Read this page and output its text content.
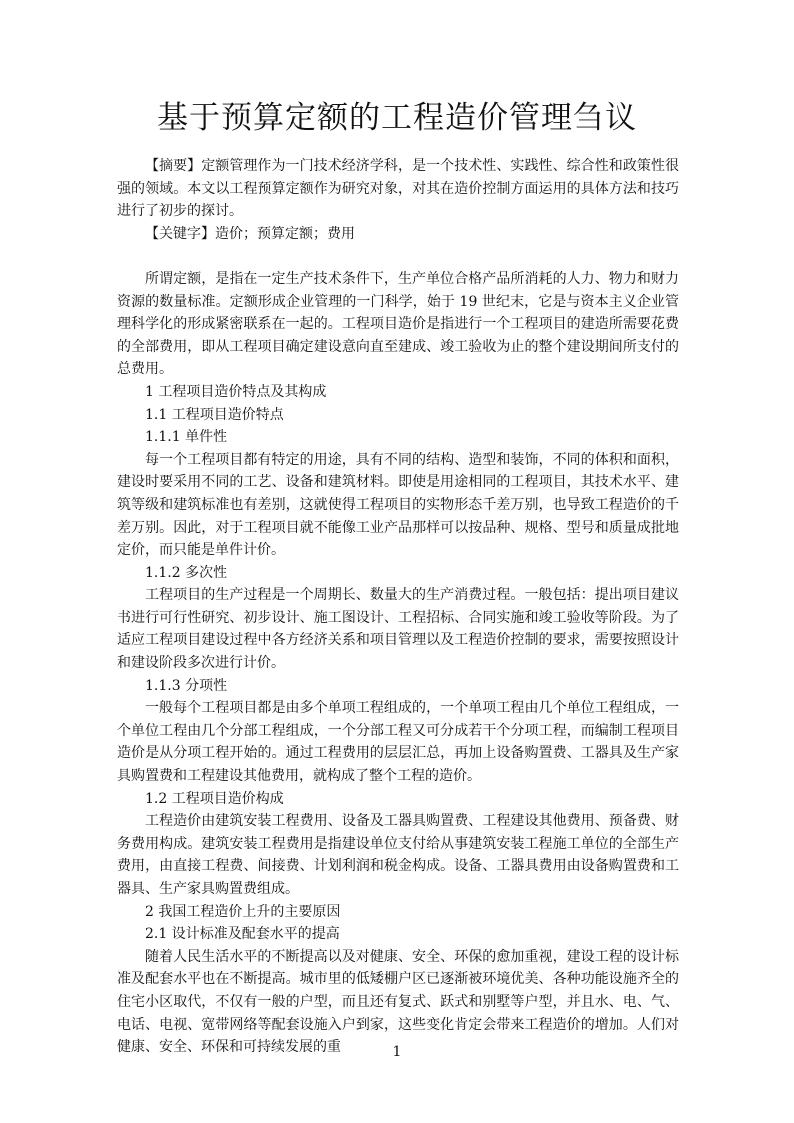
基于预算定额的工程造价管理刍议

【摘要】定额管理作为一门技术经济学科，是一个技术性、实践性、综合性和政策性很强的领域。本文以工程预算定额作为研究对象，对其在造价控制方面运用的具体方法和技巧进行了初步的探讨。

【关键字】造价；预算定额；费用

所谓定额，是指在一定生产技术条件下，生产单位合格产品所消耗的人力、物力和财力资源的数量标准。定额形成企业管理的一门科学，始于 19 世纪末，它是与资本主义企业管理科学化的形成紧密联系在一起的。工程项目造价是指进行一个工程项目的建造所需要花费的全部费用，即从工程项目确定建设意向直至建成、竣工验收为止的整个建设期间所支付的总费用。

1 工程项目造价特点及其构成

1.1 工程项目造价特点

1.1.1 单件性

每一个工程项目都有特定的用途，具有不同的结构、造型和装饰，不同的体积和面积，建设时要采用不同的工艺、设备和建筑材料。即使是用途相同的工程项目，其技术水平、建筑等级和建筑标准也有差别，这就使得工程项目的实物形态千差万别，也导致工程造价的千差万别。因此，对于工程项目就不能像工业产品那样可以按品种、规格、型号和质量成批地定价，而只能是单件计价。

1.1.2 多次性

工程项目的生产过程是一个周期长、数量大的生产消费过程。一般包括：提出项目建议书进行可行性研究、初步设计、施工图设计、工程招标、合同实施和竣工验收等阶段。为了适应工程项目建设过程中各方经济关系和项目管理以及工程造价控制的要求，需要按照设计和建设阶段多次进行计价。

1.1.3 分项性

一般每个工程项目都是由多个单项工程组成的，一个单项工程由几个单位工程组成，一个单位工程由几个分部工程组成，一个分部工程又可分成若干个分项工程，而编制工程项目造价是从分项工程开始的。通过工程费用的层层汇总，再加上设备购置费、工器具及生产家具购置费和工程建设其他费用，就构成了整个工程的造价。

1.2 工程项目造价构成

工程造价由建筑安装工程费用、设备及工器具购置费、工程建设其他费用、预备费、财务费用构成。建筑安装工程费用是指建设单位支付给从事建筑安装工程施工单位的全部生产费用，由直接工程费、间接费、计划利润和税金构成。设备、工器具费用由设备购置费和工器具、生产家具购置费组成。

2 我国工程造价上升的主要原因

2.1 设计标准及配套水平的提高

随着人民生活水平的不断提高以及对健康、安全、环保的愈加重视，建设工程的设计标准及配套水平也在不断提高。城市里的低矮棚户区已逐渐被环境优美、各种功能设施齐全的住宅小区取代，不仅有一般的户型，而且还有复式、跃式和别墅等户型，并且水、电、气、电话、电视、宽带网络等配套设施入户到家，这些变化肯定会带来工程造价的增加。人们对健康、安全、环保和可持续发展的重	1
